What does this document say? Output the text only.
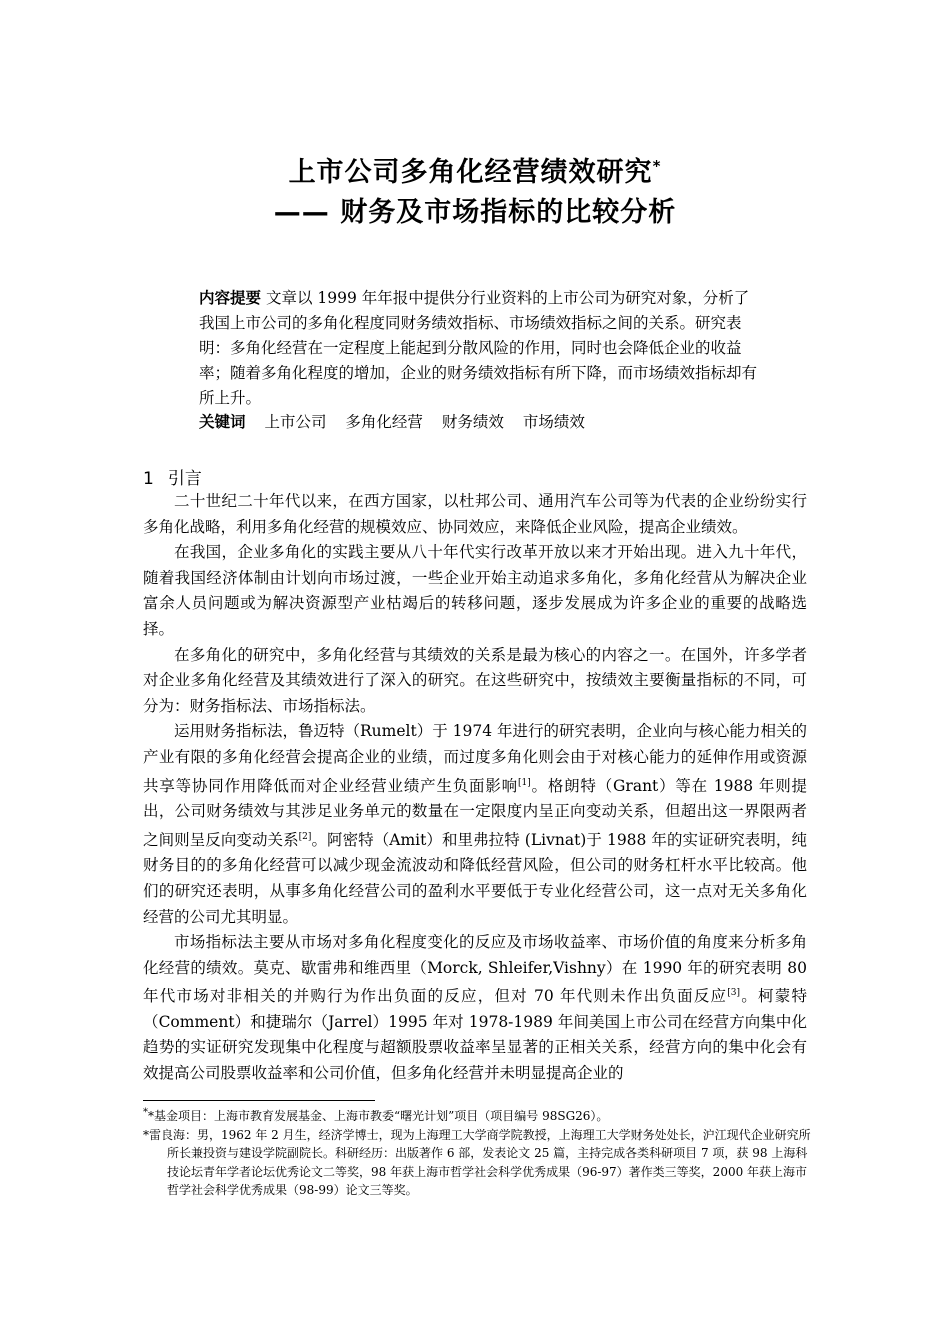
上市公司多角化经营绩效研究*
—— 财务及市场指标的比较分析
内容提要 文章以 1999 年年报中提供分行业资料的上市公司为研究对象，分析了我国上市公司的多角化程度同财务绩效指标、市场绩效指标之间的关系。研究表明：多角化经营在一定程度上能起到分散风险的作用，同时也会降低企业的收益率；随着多角化程度的增加，企业的财务绩效指标有所下降，而市场绩效指标却有所上升。
关键词 上市公司 多角化经营 财务绩效 市场绩效
1 引言

二十世纪二十年代以来，在西方国家，以杜邦公司、通用汽车公司等为代表的企业纷纷实行多角化战略，利用多角化经营的规模效应、协同效应，来降低企业风险，提高企业绩效。

在我国，企业多角化的实践主要从八十年代实行改革开放以来才开始出现。进入九十年代，随着我国经济体制由计划向市场过渡，一些企业开始主动追求多角化，多角化经营从为解决企业富余人员问题或为解决资源型产业枯竭后的转移问题，逐步发展成为许多企业的重要的战略选择。

在多角化的研究中，多角化经营与其绩效的关系是最为核心的内容之一。在国外，许多学者对企业多角化经营及其绩效进行了深入的研究。在这些研究中，按绩效主要衡量指标的不同，可分为：财务指标法、市场指标法。

运用财务指标法，鲁迈特（Rumelt）于 1974 年进行的研究表明，企业向与核心能力相关的产业有限的多角化经营会提高企业的业绩，而过度多角化则会由于对核心能力的延伸作用或资源共享等协同作用降低而对企业经营业绩产生负面影响[1]。格朗特（Grant）等在 1988 年则提出，公司财务绩效与其涉足业务单元的数量在一定限度内呈正向变动关系，但超出这一界限两者之间则呈反向变动关系[2]。阿密特（Amit）和里弗拉特 (Livnat)于 1988 年的实证研究表明，纯财务目的的多角化经营可以减少现金流波动和降低经营风险，但公司的财务杠杆水平比较高。他们的研究还表明，从事多角化经营公司的盈利水平要低于专业化经营公司，这一点对无关多角化经营的公司尤其明显。

市场指标法主要从市场对多角化程度变化的反应及市场收益率、市场价值的角度来分析多角化经营的绩效。莫克、歇雷弗和维西里（Morck, Shleifer,Vishny）在 1990 年的研究表明 80 年代市场对非相关的并购行为作出负面的反应，但对 70 年代则未作出负面反应[3]。柯蒙特（Comment）和捷瑞尔（Jarrel）1995 年对 1978-1989 年间美国上市公司在经营方向集中化趋势的实证研究发现集中化程度与超额股票收益率呈显著的正相关关系，经营方向的集中化会有效提高公司股票收益率和公司价值，但多角化经营并未明显提高企业的

**基金项目：上海市教育发展基金、上海市教委“曙光计划”项目（项目编号 98SG26）。

*雷良海：男，1962 年 2 月生，经济学博士，现为上海理工大学商学院教授，上海理工大学财务处处长，沪江现代企业研究所所长兼投资与建设学院副院长。科研经历：出版著作 6 部，发表论文 25 篇，主持完成各类科研项目 7 项，获 98 上海科技论坛青年学者论坛优秀论文二等奖，98 年获上海市哲学社会科学优秀成果（96-97）著作类三等奖，2000 年获上海市哲学社会科学优秀成果（98-99）论文三等奖。
